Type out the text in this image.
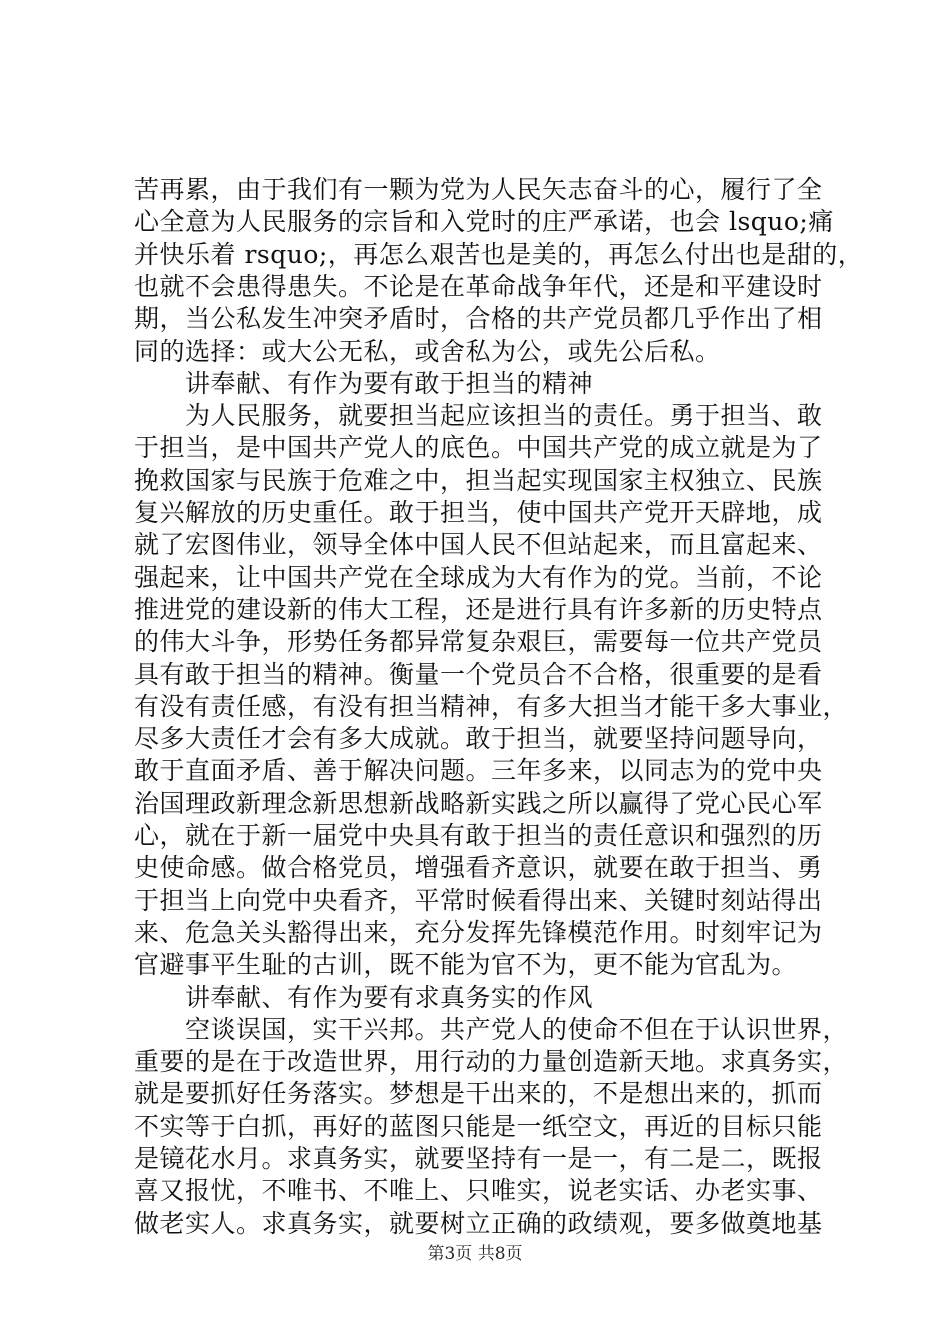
苦再累，由于我们有一颗为党为人民矢志奋斗的心，履行了全
心全意为人民服务的宗旨和入党时的庄严承诺，也会 lsquo;痛
并快乐着 rsquo;，再怎么艰苦也是美的，再怎么付出也是甜的，
也就不会患得患失。不论是在革命战争年代，还是和平建设时
期，当公私发生冲突矛盾时，合格的共产党员都几乎作出了相
同的选择：或大公无私，或舍私为公，或先公后私。
　　讲奉献、有作为要有敢于担当的精神
　　为人民服务，就要担当起应该担当的责任。勇于担当、敢
于担当，是中国共产党人的底色。中国共产党的成立就是为了
挽救国家与民族于危难之中，担当起实现国家主权独立、民族
复兴解放的历史重任。敢于担当，使中国共产党开天辟地，成
就了宏图伟业，领导全体中国人民不但站起来，而且富起来、
强起来，让中国共产党在全球成为大有作为的党。当前，不论
推进党的建设新的伟大工程，还是进行具有许多新的历史特点
的伟大斗争，形势任务都异常复杂艰巨，需要每一位共产党员
具有敢于担当的精神。衡量一个党员合不合格，很重要的是看
有没有责任感，有没有担当精神，有多大担当才能干多大事业，
尽多大责任才会有多大成就。敢于担当，就要坚持问题导向，
敢于直面矛盾、善于解决问题。三年多来，以同志为的党中央
治国理政新理念新思想新战略新实践之所以赢得了党心民心军
心，就在于新一届党中央具有敢于担当的责任意识和强烈的历
史使命感。做合格党员，增强看齐意识，就要在敢于担当、勇
于担当上向党中央看齐，平常时候看得出来、关键时刻站得出
来、危急关头豁得出来，充分发挥先锋模范作用。时刻牢记为
官避事平生耻的古训，既不能为官不为，更不能为官乱为。
　　讲奉献、有作为要有求真务实的作风
　　空谈误国，实干兴邦。共产党人的使命不但在于认识世界，
重要的是在于改造世界，用行动的力量创造新天地。求真务实，
就是要抓好任务落实。梦想是干出来的，不是想出来的，抓而
不实等于白抓，再好的蓝图只能是一纸空文，再近的目标只能
是镜花水月。求真务实，就要坚持有一是一，有二是二，既报
喜又报忧，不唯书、不唯上、只唯实，说老实话、办老实事、
做老实人。求真务实，就要树立正确的政绩观，要多做奠地基
第3页 共8页
